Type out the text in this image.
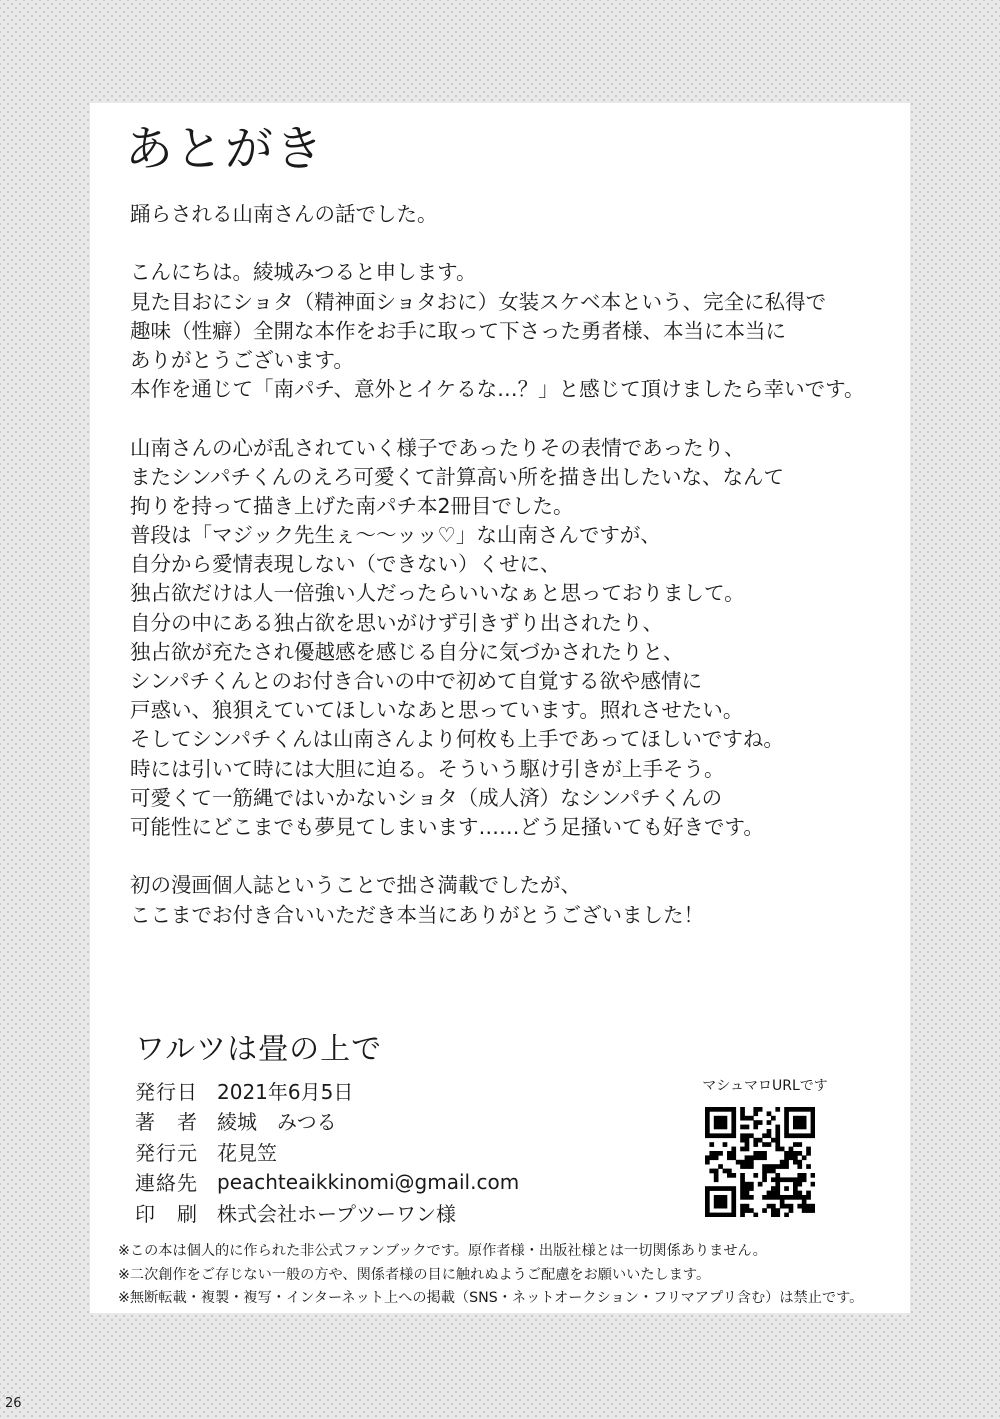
あとがき
踊らされる山南さんの話でした。
こんにちは。綾城みつると申します。
見た目おにショタ（精神面ショタおに）女装スケベ本という、完全に私得で
趣味（性癖）全開な本作をお手に取って下さった勇者様、本当に本当に
ありがとうございます。
本作を通じて「南パチ、意外とイケるな…？」と感じて頂けましたら幸いです。
山南さんの心が乱されていく様子であったりその表情であったり、
またシンパチくんのえろ可愛くて計算高い所を描き出したいな、なんて
拘りを持って描き上げた南パチ本2冊目でした。
普段は「マジック先生ぇ～～ッッ♡」な山南さんですが、
自分から愛情表現しない（できない）くせに、
独占欲だけは人一倍強い人だったらいいなぁと思っておりまして。
自分の中にある独占欲を思いがけず引きずり出されたり、
独占欲が充たされ優越感を感じる自分に気づかされたりと、
シンパチくんとのお付き合いの中で初めて自覚する欲や感情に
戸惑い、狼狽えていてほしいなあと思っています。照れさせたい。
そしてシンパチくんは山南さんより何枚も上手であってほしいですね。
時には引いて時には大胆に迫る。そういう駆け引きが上手そう。
可愛くて一筋縄ではいかないショタ（成人済）なシンパチくんの
可能性にどこまでも夢見てしまいます……どう足掻いても好きです。
初の漫画個人誌ということで拙さ満載でしたが、
ここまでお付き合いいただき本当にありがとうございました！
ワルツは畳の上で
発行日 2021年6月5日
著　者 綾城　みつる
発行元 花見笠
連絡先 peachteaikkinomi@gmail.com
印　刷 株式会社ホープツーワン様
マシュマロURLです
※この本は個人的に作られた非公式ファンブックです。原作者様・出版社様とは一切関係ありません。
※二次創作をご存じない一般の方や、関係者様の目に触れぬようご配慮をお願いいたします。
※無断転載・複製・複写・インターネット上への掲載（SNS・ネットオークション・フリマアプリ含む）は禁止です。
26
